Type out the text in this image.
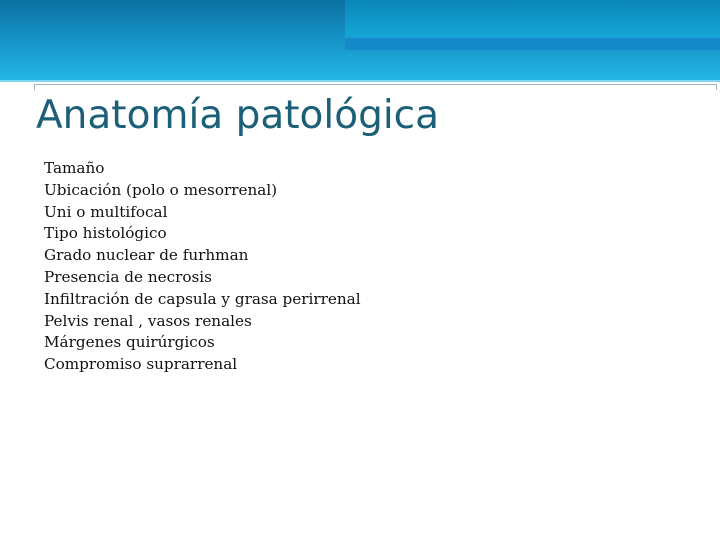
Anatomía patológica
Tamaño
Ubicación (polo o mesorrenal)
Uni o multifocal
Tipo histológico
Grado nuclear de furhman
Presencia de necrosis
Infiltración de capsula y grasa perirrenal
Pelvis renal , vasos renales
Márgenes quirúrgicos
Compromiso suprarrenal
